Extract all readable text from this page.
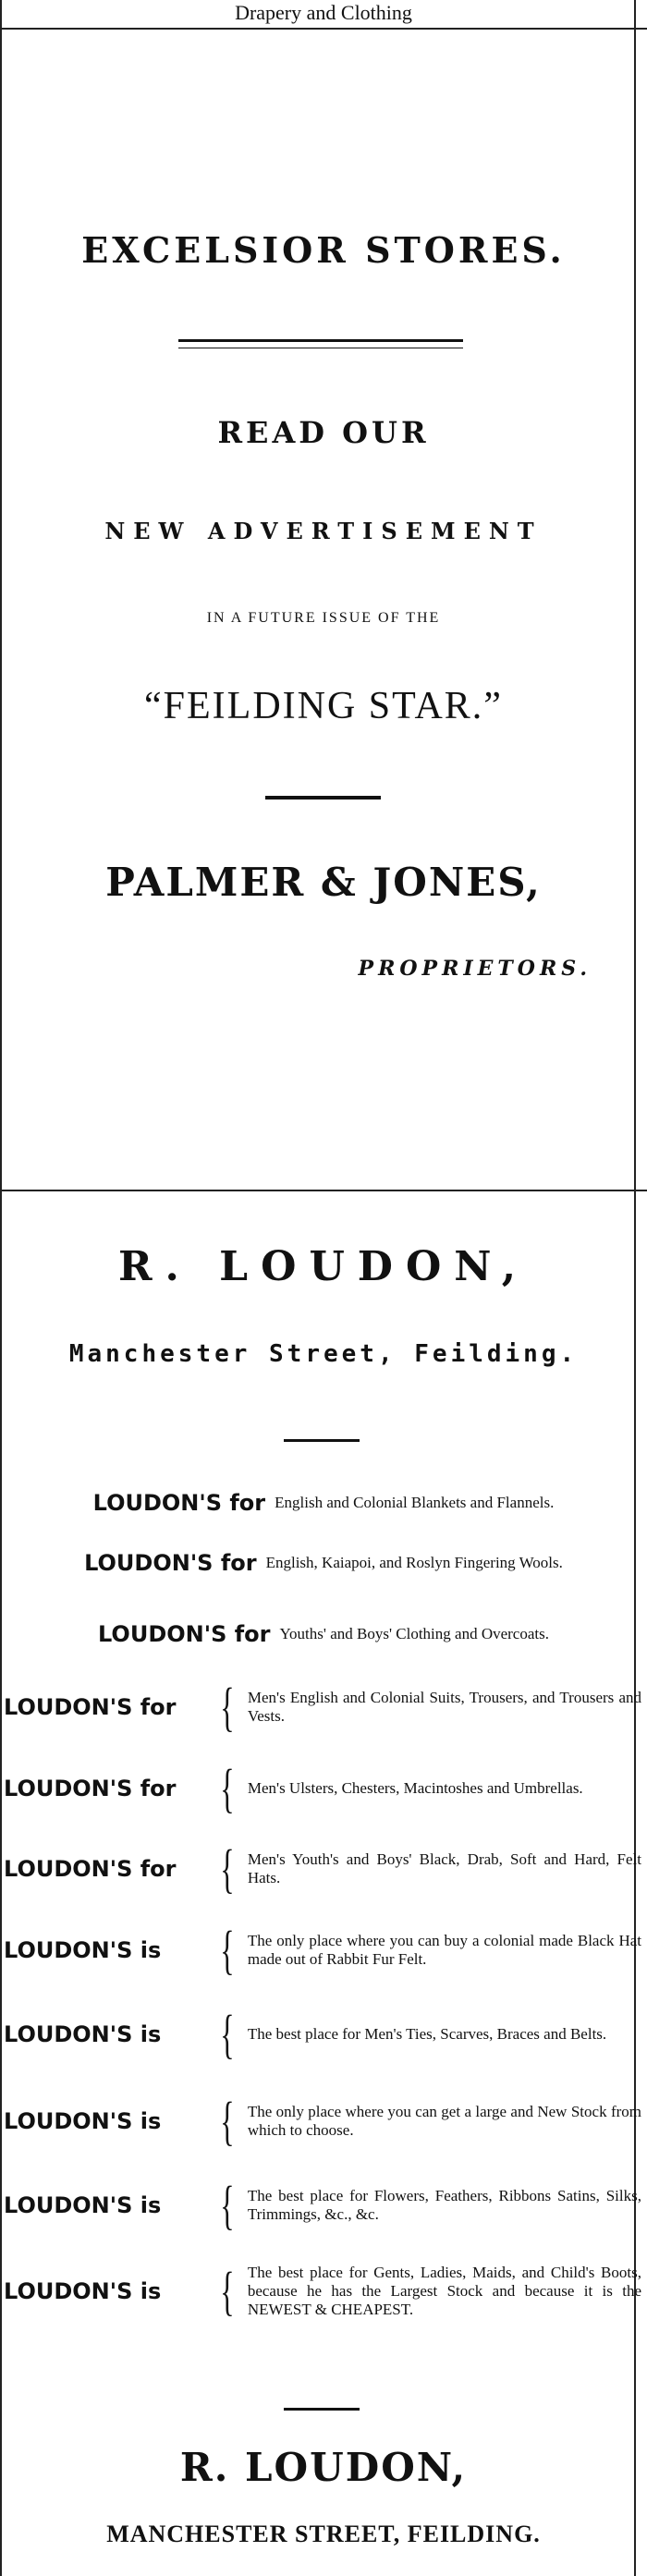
Drapery and Clothing
EXCELSIOR STORES.
READ OUR
NEW ADVERTISEMENT
IN A FUTURE ISSUE OF THE
“FEILDING STAR.”
PALMER & JONES,
PROPRIETORS.
R. LOUDON,
Manchester Street, Feilding.
LOUDON'S for English and Colonial Blankets and Flannels.
LOUDON'S for English, Kaiapoi, and Roslyn Fingering Wools.
LOUDON'S for Youths' and Boys' Clothing and Overcoats.
LOUDON'S for { Men's English and Colonial Suits, Trousers, and Trousers and Vests.
LOUDON'S for { Men's Ulsters, Chesters, Macintoshes and Umbrellas.
LOUDON'S for { Men's Youth's and Boys' Black, Drab, Soft and Hard, Felt Hats.
LOUDON'S is	{ The only place where you can buy a colonial made Black Hat made out of Rabbit Fur Felt.
LOUDON'S is	{ The best place for Men's Ties, Scarves, Braces and Belts.
LOUDON'S is	{ The only place where you can get a large and New Stock from which to choose.
LOUDON'S is	{ The best place for Flowers, Feathers, Ribbons Satins, Silks, Trimmings, &c., &c.
LOUDON'S is	{ The best place for Gents, Ladies, Maids, and Child's Boots, because he has the Largest Stock and because it is the NEWEST & CHEAPEST.
R. LOUDON,
MANCHESTER STREET, FEILDING.
